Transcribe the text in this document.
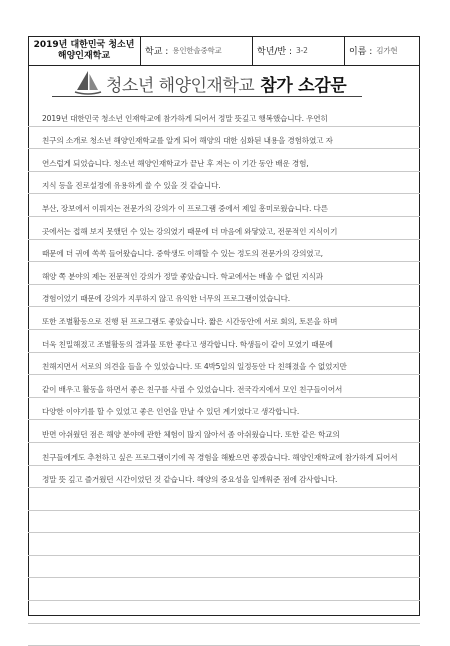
2019년 대한민국 청소년
해양인재학교	학교 : 용인한솔중학교	학년/반 : 3-2	이름 : 김가현
청소년 해양인재학교 참가 소감문
2019년 대한민국 청소년 인재학교에 참가하게 되어서 정말 뜻깊고 행복했습니다. 우연히
친구의 소개로 청소년 해양인재학교를 알게 되어 해양의 대한 심화된 내용을 경험하였고 자
연스럽게 되었습니다. 청소년 해양인재학교가 끝난 후 저는 이 기간 동안 배운 경험,
지식 등을 진로설정에 유용하게 쓸 수 있을 것 같습니다.
부산, 장보에서 이뤄지는 전문가의 강의가 이 프로그램 중에서 제일 흥미로웠습니다. 다른
곳에서는 접해 보지 못했던 수 있는 강의였기 때문에 더 마음에 와닿았고, 전문적인 지식이기
때문에 더 귀에 쏙쏙 들어왔습니다. 중학생도 이해할 수 있는 정도의 전문가의 강의였고,
해양 쪽 분야의 제는 전문적인 강의가 정말 좋았습니다. 학교에서는 배울 수 없던 지식과
경험이었기 때문에 강의가 지루하지 않고 유익한 너무의 프로그램이었습니다.
또한 조별활동으로 진행 된 프로그램도 좋았습니다. 짧은 시간동안에 서로 회의, 토론을 하며
더욱 친밀해졌고 조별활동의 결과물 또한 좋다고 생각합니다. 학생들이 같이 모였기 때문에
친해지면서 서로의 의견을 들을 수 있었습니다. 또 4박5일의 일정동안 다 친해졌을 수 없었지만
같이 배우고 활동을 하면서 좋은 친구를 사귈 수 있었습니다. 전국각지에서 모인 친구들이어서
다양한 이야기를 할 수 있었고 좋은 인연을 만날 수 있던 계기였다고 생각합니다.
반면 아쉬웠던 점은 해양 분야에 관한 체험이 많지 않아서 좀 아쉬웠습니다. 또한 같은 학교의
친구들에게도 추천하고 싶은 프로그램이기에 꼭 경험을 해봤으면 좋겠습니다. 해양인재학교에 참가하게 되어서
정말 뜻 깊고 즐거웠던 시간이었던 것 같습니다. 해양의 중요성을 일깨워준 점에 감사합니다.
